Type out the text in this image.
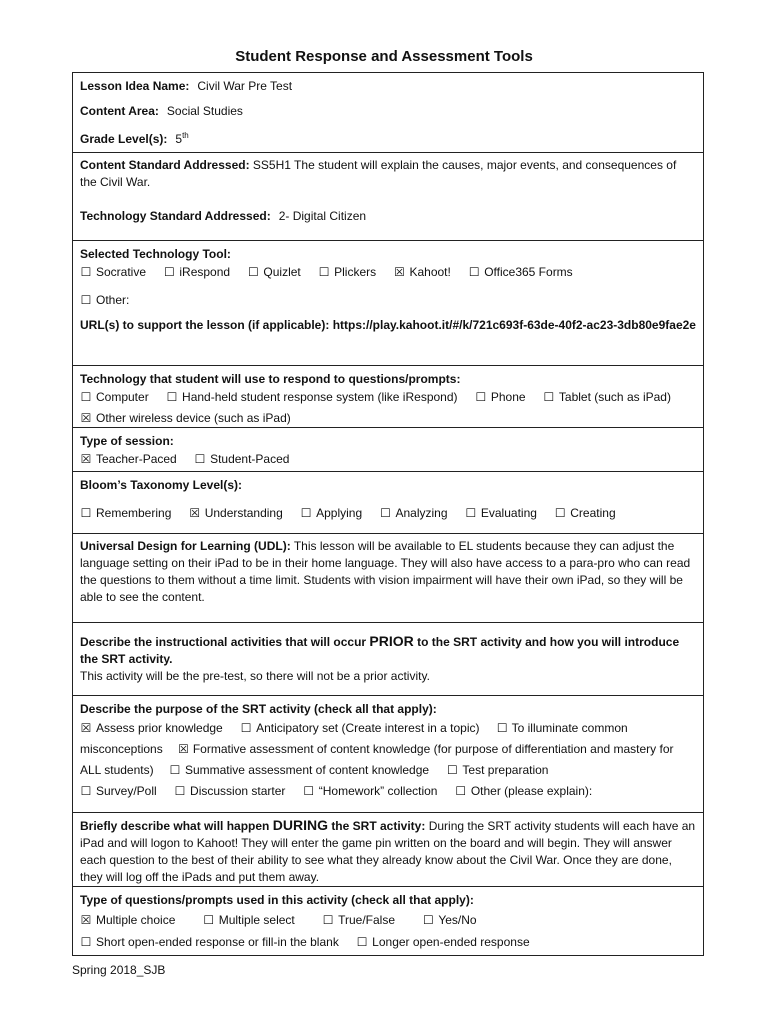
Student Response and Assessment Tools
Lesson Idea Name: Civil War Pre Test
Content Area: Social Studies
Grade Level(s): 5th
Content Standard Addressed: SS5H1 The student will explain the causes, major events, and consequences of the Civil War.
Technology Standard Addressed: 2- Digital Citizen
Selected Technology Tool:
☐ Socrative ☐ iRespond ☐ Quizlet ☐ Plickers ☒ Kahoot! ☐ Office365 Forms
☐ Other:
URL(s) to support the lesson (if applicable): https://play.kahoot.it/#/k/721c693f-63de-40f2-ac23-3db80e9fae2e
Technology that student will use to respond to questions/prompts:
☐ Computer ☐ Hand-held student response system (like iRespond) ☐ Phone ☐ Tablet (such as iPad)
☒ Other wireless device (such as iPad)
Type of session:
☒ Teacher-Paced ☐ Student-Paced
Bloom’s Taxonomy Level(s):
☐ Remembering ☒ Understanding ☐ Applying ☐ Analyzing ☐ Evaluating ☐ Creating
Universal Design for Learning (UDL): This lesson will be available to EL students because they can adjust the language setting on their iPad to be in their home language. They will also have access to a para-pro who can read the questions to them without a time limit. Students with vision impairment will have their own iPad, so they will be able to see the content.
Describe the instructional activities that will occur PRIOR to the SRT activity and how you will introduce the SRT activity.
This activity will be the pre-test, so there will not be a prior activity.
Describe the purpose of the SRT activity (check all that apply):
☒ Assess prior knowledge ☐ Anticipatory set (Create interest in a topic) ☐ To illuminate common misconceptions ☒ Formative assessment of content knowledge (for purpose of differentiation and mastery for ALL students) ☐ Summative assessment of content knowledge ☐ Test preparation
☐ Survey/Poll ☐ Discussion starter ☐ “Homework” collection ☐ Other (please explain):
Briefly describe what will happen DURING the SRT activity: During the SRT activity students will each have an iPad and will logon to Kahoot! They will enter the game pin written on the board and will begin. They will answer each question to the best of their ability to see what they already know about the Civil War. Once they are done, they will log off the iPads and put them away.
Type of questions/prompts used in this activity (check all that apply):
☒ Multiple choice ☐ Multiple select ☐ True/False ☐ Yes/No
☐ Short open-ended response or fill-in the blank ☐ Longer open-ended response
Spring 2018_SJB
